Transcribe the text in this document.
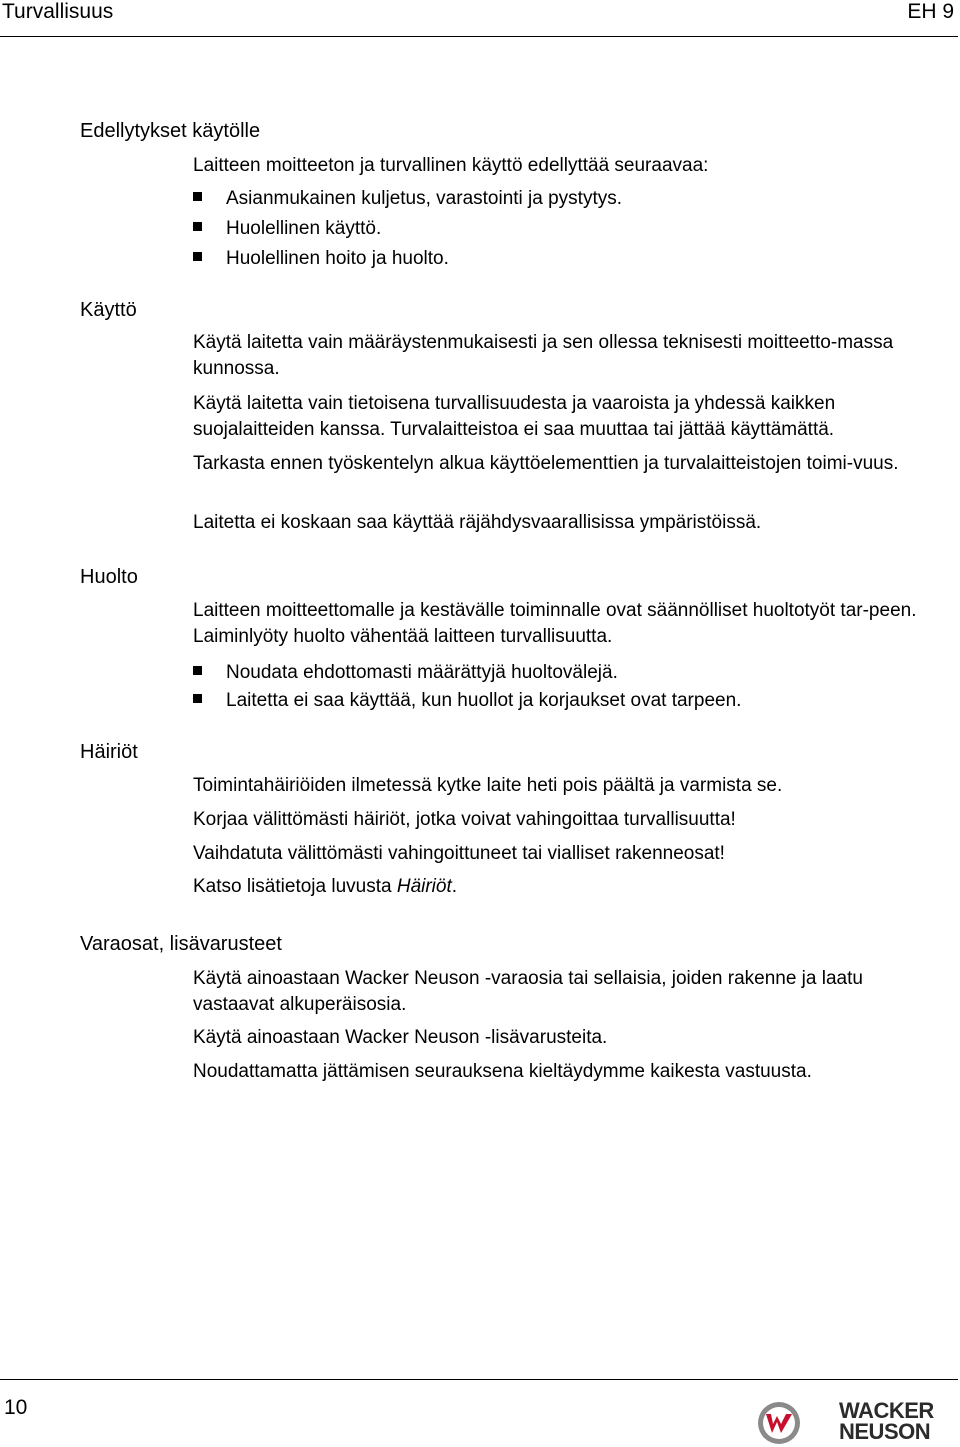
Turvallisuus	EH 9
Edellytykset käytölle

Laitteen moitteeton ja turvallinen käyttö edellyttää seuraavaa:

Asianmukainen kuljetus, varastointi ja pystytys.
Huolellinen käyttö.
Huolellinen hoito ja huolto.
Käyttö

Käytä laitetta vain määräystenmukaisesti ja sen ollessa teknisesti moitteetto-massa kunnossa.

Käytä laitetta vain tietoisena turvallisuudesta ja vaaroista ja yhdessä kaikken suojalaitteiden kanssa. Turvalaitteistoa ei saa muuttaa tai jättää käyttämättä.

Tarkasta ennen työskentelyn alkua käyttöelementtien ja turvalaitteistojen toimi-vuus.

Laitetta ei koskaan saa käyttää räjähdysvaarallisissa ympäristöissä.

Huolto

Laitteen moitteettomalle ja kestävälle toiminnalle ovat säännölliset huoltotyöt tar-peen. Laiminlyöty huolto vähentää laitteen turvallisuutta.

Noudata ehdottomasti määrättyjä huoltovälejä.
Laitetta ei saa käyttää, kun huollot ja korjaukset ovat tarpeen.
Häiriöt

Toimintahäiriöiden ilmetessä kytke laite heti pois päältä ja varmista se.

Korjaa välittömästi häiriöt, jotka voivat vahingoittaa turvallisuutta!

Vaihdatuta välittömästi vahingoittuneet tai vialliset rakenneosat!

Katso lisätietoja luvusta Häiriöt.

Varaosat, lisävarusteet

Käytä ainoastaan Wacker Neuson -varaosia tai sellaisia, joiden rakenne ja laatu vastaavat alkuperäisosia.

Käytä ainoastaan Wacker Neuson -lisävarusteita.

Noudattamatta jättämisen seurauksena kieltäydymme kaikesta vastuusta.

10	WACKER
NEUSON
